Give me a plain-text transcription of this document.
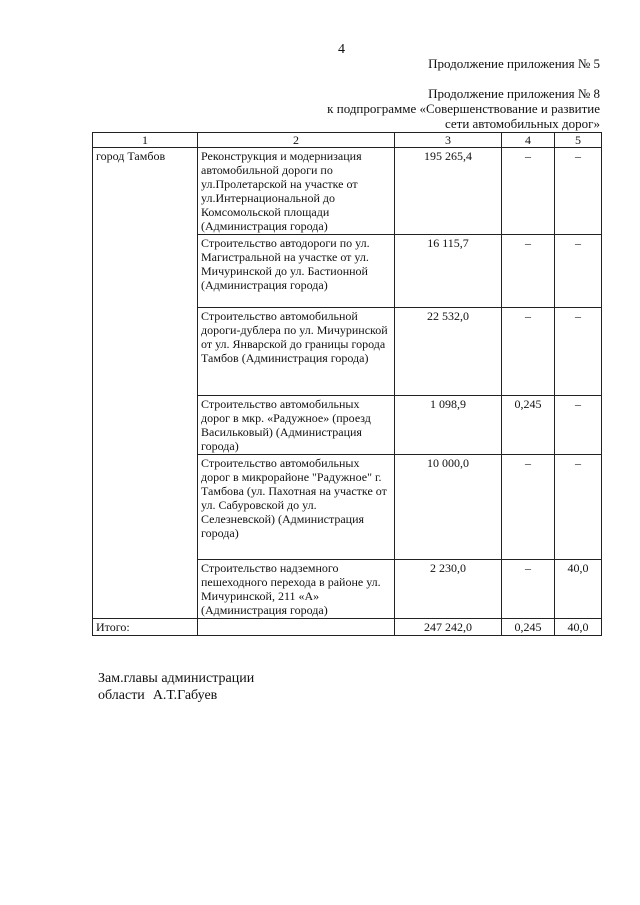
4
Продолжение приложения № 5
Продолжение приложения № 8
к подпрограмме «Совершенствование и развитие
сети автомобильных дорог»
1	2	3	4	5
город Тамбов	Реконструкция и модернизация автомобильной дороги по ул.Пролетарской на участке от ул.Интернациональной до Комсомольской площади (Администрация города)	195 265,4	–	–
	Строительство автодороги по ул. Магистральной на участке от ул. Мичуринской до ул. Бастионной (Администрация города)	16 115,7	–	–
	Строительство автомобильной дороги-дублера по ул. Мичуринской от ул. Январской до границы города Тамбов (Администрация города)	22 532,0	–	–
	Строительство автомобильных дорог в мкр. «Радужное» (проезд Васильковый) (Администрация города)	1 098,9	0,245	–
	Строительство автомобильных дорог в микрорайоне "Радужное" г. Тамбова (ул. Пахотная на участке от ул. Сабуровской до ул. Селезневской) (Администрация города)	10 000,0	–	–
	Строительство надземного пешеходного перехода в районе ул. Мичуринской, 211 «А» (Администрация города)	2 230,0	–	40,0
Итого:		247 242,0	0,245	40,0
Зам.главы администрации
области А.Т.Габуев
